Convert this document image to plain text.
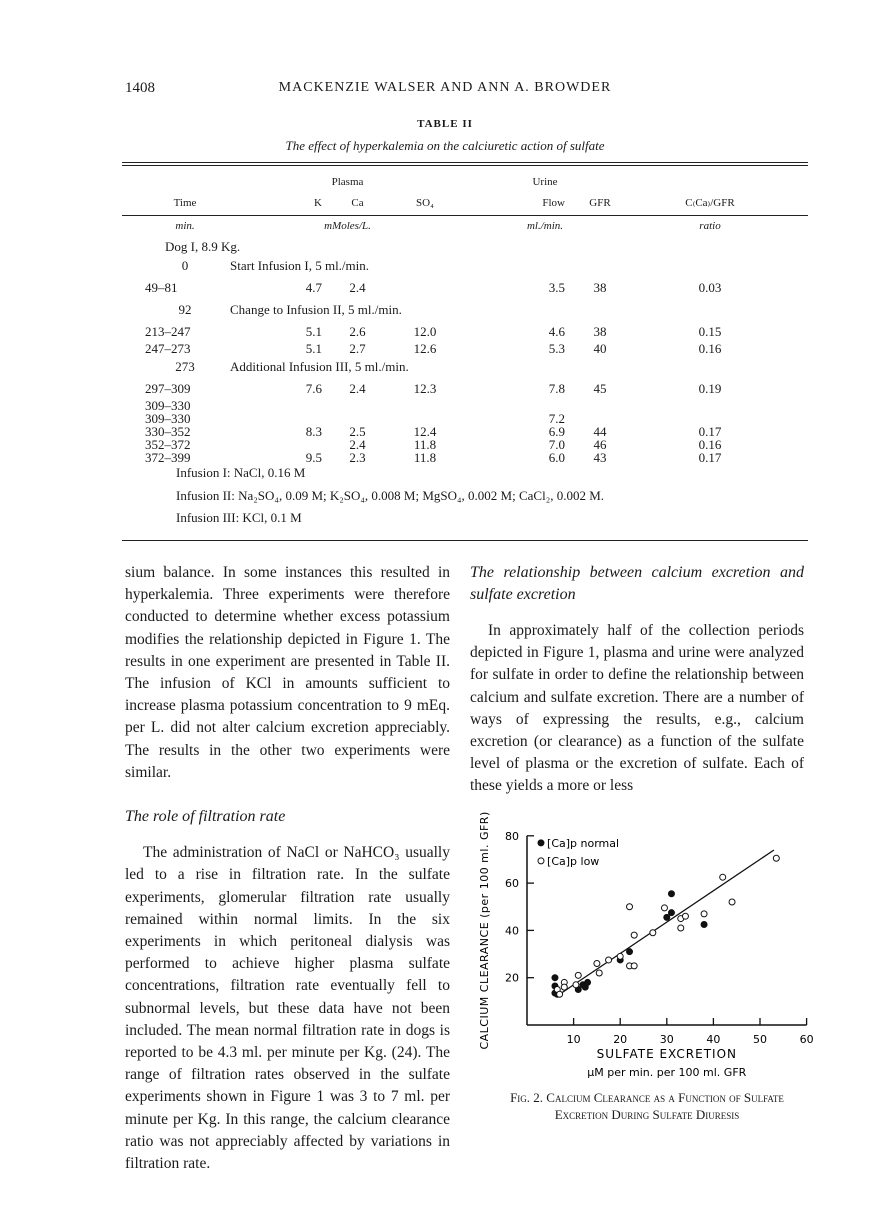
1408	MACKENZIE WALSER AND ANN A. BROWDER
TABLE II
The effect of hyperkalemia on the calciuretic action of sulfate
	Plasma			Urine		
Time	K	Ca	SO₄	Flow	GFR	C₍Ca₎/GFR
min.	mMoles/L.			ml./min.		ratio
Dog I, 8.9 Kg.						
0	Start Infusion I, 5 ml./min.					
49–81	4.7	2.4		3.5	38	0.03
92	Change to Infusion II, 5 ml./min.					
213–247	5.1	2.6	12.0	4.6	38	0.15
247–273	5.1	2.7	12.6	5.3	40	0.16
273	Additional Infusion III, 5 ml./min.					
297–309	7.6	2.4	12.3	7.8	45	0.19
309–330						
309–330				7.2		
330–352	8.3	2.5	12.4	6.9	44	0.17
352–372		2.4	11.8	7.0	46	0.16
372–399	9.5	2.3	11.8	6.0	43	0.17
Infusion I: NaCl, 0.16 M
Infusion II: Na₂SO₄, 0.09 M; K₂SO₄, 0.008 M; MgSO₄, 0.002 M; CaCl₂, 0.002 M.
Infusion III: KCl, 0.1 M

sium balance. In some instances this resulted in hyperkalemia. Three experiments were therefore conducted to determine whether excess potassium modifies the relationship depicted in Figure 1. The results in one experiment are presented in Table II. The infusion of KCl in amounts sufficient to increase plasma potassium concentration to 9 mEq. per L. did not alter calcium excretion appreciably. The results in the other two experiments were similar.

The role of filtration rate

The administration of NaCl or NaHCO₃ usually led to a rise in filtration rate. In the sulfate experiments, glomerular filtration rate usually remained within normal limits. In the six experiments in which peritoneal dialysis was performed to achieve higher plasma sulfate concentrations, filtration rate eventually fell to subnormal levels, but these data have not been included. The mean normal filtration rate in dogs is reported to be 4.3 ml. per minute per Kg. (24). The range of filtration rates observed in the sulfate experiments shown in Figure 1 was 3 to 7 ml. per minute per Kg. In this range, the calcium clearance ratio was not appreciably affected by variations in filtration rate.

The relationship between calcium excretion and sulfate excretion

In approximately half of the collection periods depicted in Figure 1, plasma and urine were analyzed for sulfate in order to define the relationship between calcium and sulfate excretion. There are a number of ways of expressing the results, e.g., calcium excretion (or clearance) as a function of the sulfate level of plasma or the excretion of sulfate. Each of these yields a more or less

10	20	30	40	50	60
20
40
60
80
SULFATE EXCRETION
µM per min. per 100 ml. GFR
CALCIUM CLEARANCE (per 100 ml. GFR)	[Ca]p normal
[Ca]p low
Fig. 2. Calcium Clearance as a Function of Sulfate
Excretion During Sulfate Diuresis
